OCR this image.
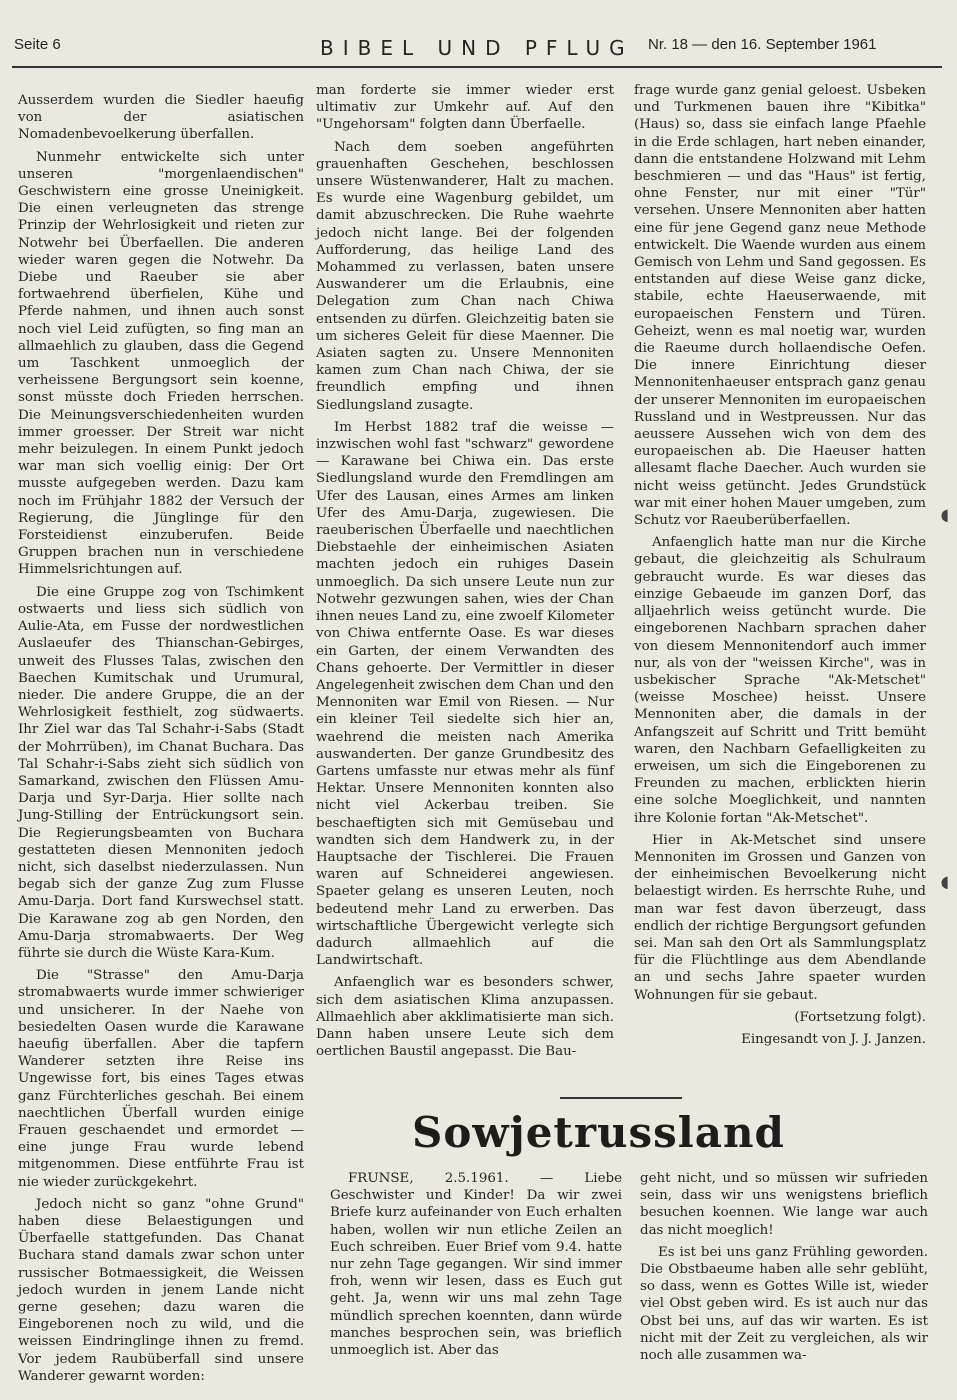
Seite 6	BIBEL UND PFLUG Nr. 18 — den 16. September 1961

Ausserdem wurden die Siedler haeufig von der asiatischen Nomadenbevoelkerung überfallen.

Nunmehr entwickelte sich unter unseren "morgenlaendischen" Geschwistern eine grosse Uneinigkeit. Die einen verleugneten das strenge Prinzip der Wehrlosigkeit und rieten zur Notwehr bei Überfaellen. Die anderen wieder waren gegen die Notwehr. Da Diebe und Raeuber sie aber fortwaehrend überfielen, Kühe und Pferde nahmen, und ihnen auch sonst noch viel Leid zufügten, so fing man an allmaehlich zu glauben, dass die Gegend um Taschkent unmoeglich der verheissene Bergungsort sein koenne, sonst müsste doch Frieden herrschen. Die Meinungsverschiedenheiten wurden immer groesser. Der Streit war nicht mehr beizulegen. In einem Punkt jedoch war man sich voellig einig: Der Ort musste aufgegeben werden. Dazu kam noch im Frühjahr 1882 der Versuch der Regierung, die Jünglinge für den Forsteidienst einzuberufen. Beide Gruppen brachen nun in verschiedene Himmelsrichtungen auf.

Die eine Gruppe zog von Tschimkent ostwaerts und liess sich südlich von Aulie-Ata, em Fusse der nordwestlichen Auslaeufer des Thianschan-Gebirges, unweit des Flusses Talas, zwischen den Baechen Kumitschak und Urumural, nieder. Die andere Gruppe, die an der Wehrlosigkeit festhielt, zog südwaerts. Ihr Ziel war das Tal Schahr-i-Sabs (Stadt der Mohrrüben), im Chanat Buchara. Das Tal Schahr-i-Sabs zieht sich südlich von Samarkand, zwischen den Flüssen Amu-Darja und Syr-Darja. Hier sollte nach Jung-Stilling der Entrückungsort sein. Die Regierungsbeamten von Buchara gestatteten diesen Mennoniten jedoch nicht, sich daselbst niederzulassen. Nun begab sich der ganze Zug zum Flusse Amu-Darja. Dort fand Kurswechsel statt. Die Karawane zog ab gen Norden, den Amu-Darja stromabwaerts. Der Weg führte sie durch die Wüste Kara-Kum.

Die "Strasse" den Amu-Darja stromabwaerts wurde immer schwieriger und unsicherer. In der Naehe von besiedelten Oasen wurde die Karawane haeufig überfallen. Aber die tapfern Wanderer setzten ihre Reise ins Ungewisse fort, bis eines Tages etwas ganz Fürchterliches geschah. Bei einem naechtlichen Überfall wurden einige Frauen geschaendet und ermordet — eine junge Frau wurde lebend mitgenommen. Diese entführte Frau ist nie wieder zurückgekehrt.

Jedoch nicht so ganz "ohne Grund" haben diese Belaestigungen und Überfaelle stattgefunden. Das Chanat Buchara stand damals zwar schon unter russischer Botmaessigkeit, die Weissen jedoch wurden in jenem Lande nicht gerne gesehen; dazu waren die Eingeborenen noch zu wild, und die weissen Eindringlinge ihnen zu fremd. Vor jedem Raubüberfall sind unsere Wanderer gewarnt worden:

man forderte sie immer wieder erst ultimativ zur Umkehr auf. Auf den "Ungehorsam" folgten dann Überfaelle.

Nach dem soeben angeführten grauenhaften Geschehen, beschlossen unsere Wüstenwanderer, Halt zu machen. Es wurde eine Wagenburg gebildet, um damit abzuschrecken. Die Ruhe waehrte jedoch nicht lange. Bei der folgenden Aufforderung, das heilige Land des Mohammed zu verlassen, baten unsere Auswanderer um die Erlaubnis, eine Delegation zum Chan nach Chiwa entsenden zu dürfen. Gleichzeitig baten sie um sicheres Geleit für diese Maenner. Die Asiaten sagten zu. Unsere Mennoniten kamen zum Chan nach Chiwa, der sie freundlich empfing und ihnen Siedlungsland zusagte.

Im Herbst 1882 traf die weisse — inzwischen wohl fast "schwarz" gewordene — Karawane bei Chiwa ein. Das erste Siedlungsland wurde den Fremdlingen am Ufer des Lausan, eines Armes am linken Ufer des Amu-Darja, zugewiesen. Die raeuberischen Überfaelle und naechtlichen Diebstaehle der einheimischen Asiaten machten jedoch ein ruhiges Dasein unmoeglich. Da sich unsere Leute nun zur Notwehr gezwungen sahen, wies der Chan ihnen neues Land zu, eine zwoelf Kilometer von Chiwa entfernte Oase. Es war dieses ein Garten, der einem Verwandten des Chans gehoerte. Der Vermittler in dieser Angelegenheit zwischen dem Chan und den Mennoniten war Emil von Riesen. — Nur ein kleiner Teil siedelte sich hier an, waehrend die meisten nach Amerika auswanderten. Der ganze Grundbesitz des Gartens umfasste nur etwas mehr als fünf Hektar. Unsere Mennoniten konnten also nicht viel Ackerbau treiben. Sie beschaeftigten sich mit Gemüsebau und wandten sich dem Handwerk zu, in der Hauptsache der Tischlerei. Die Frauen waren auf Schneiderei angewiesen. Spaeter gelang es unseren Leuten, noch bedeutend mehr Land zu erwerben. Das wirtschaftliche Übergewicht verlegte sich dadurch allmaehlich auf die Landwirtschaft.

Anfaenglich war es besonders schwer, sich dem asiatischen Klima anzupassen. Allmaehlich aber akklimatisierte man sich. Dann haben unsere Leute sich dem oertlichen Baustil angepasst. Die Bau-

frage wurde ganz genial geloest. Usbeken und Turkmenen bauen ihre "Kibitka" (Haus) so, dass sie einfach lange Pfaehle in die Erde schlagen, hart neben einander, dann die entstandene Holzwand mit Lehm beschmieren — und das "Haus" ist fertig, ohne Fenster, nur mit einer "Tür" versehen. Unsere Mennoniten aber hatten eine für jene Gegend ganz neue Methode entwickelt. Die Waende wurden aus einem Gemisch von Lehm und Sand gegossen. Es entstanden auf diese Weise ganz dicke, stabile, echte Haeuserwaende, mit europaeischen Fenstern und Türen. Geheizt, wenn es mal noetig war, wurden die Raeume durch hollaendische Oefen. Die innere Einrichtung dieser Mennonitenhaeuser entsprach ganz genau der unserer Mennoniten im europaeischen Russland und in Westpreussen. Nur das aeussere Aussehen wich von dem des europaeischen ab. Die Haeuser hatten allesamt flache Daecher. Auch wurden sie nicht weiss getüncht. Jedes Grundstück war mit einer hohen Mauer umgeben, zum Schutz vor Raeuberüberfaellen.

Anfaenglich hatte man nur die Kirche gebaut, die gleichzeitig als Schulraum gebraucht wurde. Es war dieses das einzige Gebaeude im ganzen Dorf, das alljaehrlich weiss getüncht wurde. Die eingeborenen Nachbarn sprachen daher von diesem Mennonitendorf auch immer nur, als von der "weissen Kirche", was in usbekischer Sprache "Ak-Metschet" (weisse Moschee) heisst. Unsere Mennoniten aber, die damals in der Anfangszeit auf Schritt und Tritt bemüht waren, den Nachbarn Gefaelligkeiten zu erweisen, um sich die Eingeborenen zu Freunden zu machen, erblickten hierin eine solche Moeglichkeit, und nannten ihre Kolonie fortan "Ak-Metschet".

Hier in Ak-Metschet sind unsere Mennoniten im Grossen und Ganzen von der einheimischen Bevoelkerung nicht belaestigt wirden. Es herrschte Ruhe, und man war fest davon überzeugt, dass endlich der richtige Bergungsort gefunden sei. Man sah den Ort als Sammlungsplatz für die Flüchtlinge aus dem Abendlande an und sechs Jahre spaeter wurden Wohnungen für sie gebaut.

(Fortsetzung folgt).

Eingesandt von J. J. Janzen.

Sowjetrussland

FRUNSE, 2.5.1961. — Liebe Geschwister und Kinder! Da wir zwei Briefe kurz aufeinander von Euch erhalten haben, wollen wir nun etliche Zeilen an Euch schreiben. Euer Brief vom 9.4. hatte nur zehn Tage gegangen. Wir sind immer froh, wenn wir lesen, dass es Euch gut geht. Ja, wenn wir uns mal zehn Tage mündlich sprechen koennten, dann würde manches besprochen sein, was brieflich unmoeglich ist. Aber das

geht nicht, und so müssen wir sufrieden sein, dass wir uns wenigstens brieflich besuchen koennen. Wie lange war auch das nicht moeglich!

Es ist bei uns ganz Frühling geworden. Die Obstbaeume haben alle sehr geblüht, so dass, wenn es Gottes Wille ist, wieder viel Obst geben wird. Es ist auch nur das Obst bei uns, auf das wir warten. Es ist nicht mit der Zeit zu vergleichen, als wir noch alle zusammen wa-

◖
◖
